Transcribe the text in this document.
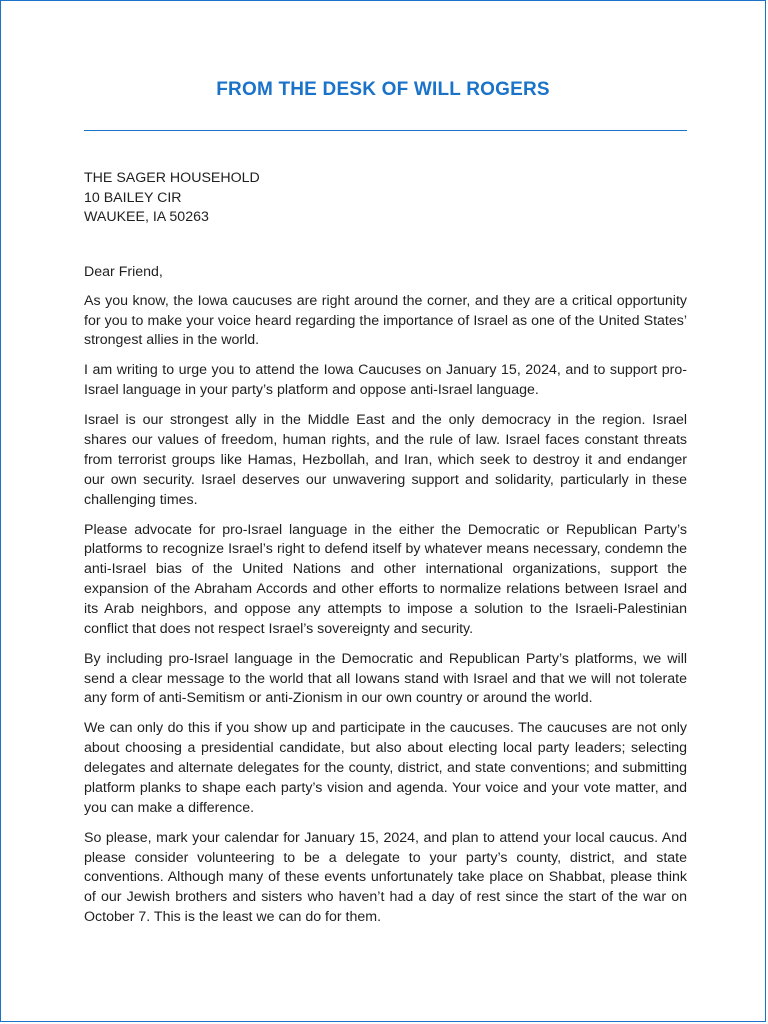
FROM THE DESK OF WILL ROGERS
THE SAGER HOUSEHOLD
10 BAILEY CIR
WAUKEE, IA 50263

Dear Friend,

As you know, the Iowa caucuses are right around the corner, and they are a critical opportunity for you to make your voice heard regarding the importance of Israel as one of the United States’ strongest allies in the world.

I am writing to urge you to attend the Iowa Caucuses on January 15, 2024, and to support pro-Israel language in your party’s platform and oppose anti-Israel language.

Israel is our strongest ally in the Middle East and the only democracy in the region. Israel shares our values of freedom, human rights, and the rule of law. Israel faces constant threats from terrorist groups like Hamas, Hezbollah, and Iran, which seek to destroy it and endanger our own security. Israel deserves our unwavering support and solidarity, particularly in these challenging times.

Please advocate for pro-Israel language in the either the Democratic or Republican Party’s platforms to recognize Israel’s right to defend itself by whatever means necessary, condemn the anti-Israel bias of the United Nations and other international organizations, support the expansion of the Abraham Accords and other efforts to normalize relations between Israel and its Arab neighbors, and oppose any attempts to impose a solution to the Israeli-Palestinian conflict that does not respect Israel’s sovereignty and security.

By including pro-Israel language in the Democratic and Republican Party’s platforms, we will send a clear message to the world that all Iowans stand with Israel and that we will not tolerate any form of anti-Semitism or anti-Zionism in our own country or around the world.

We can only do this if you show up and participate in the caucuses. The caucuses are not only about choosing a presidential candidate, but also about electing local party leaders; selecting delegates and alternate delegates for the county, district, and state conventions; and submitting platform planks to shape each party’s vision and agenda. Your voice and your vote matter, and you can make a difference.

So please, mark your calendar for January 15, 2024, and plan to attend your local caucus. And please consider volunteering to be a delegate to your party’s county, district, and state conventions. Although many of these events unfortunately take place on Shabbat, please think of our Jewish brothers and sisters who haven’t had a day of rest since the start of the war on October 7. This is the least we can do for them.
